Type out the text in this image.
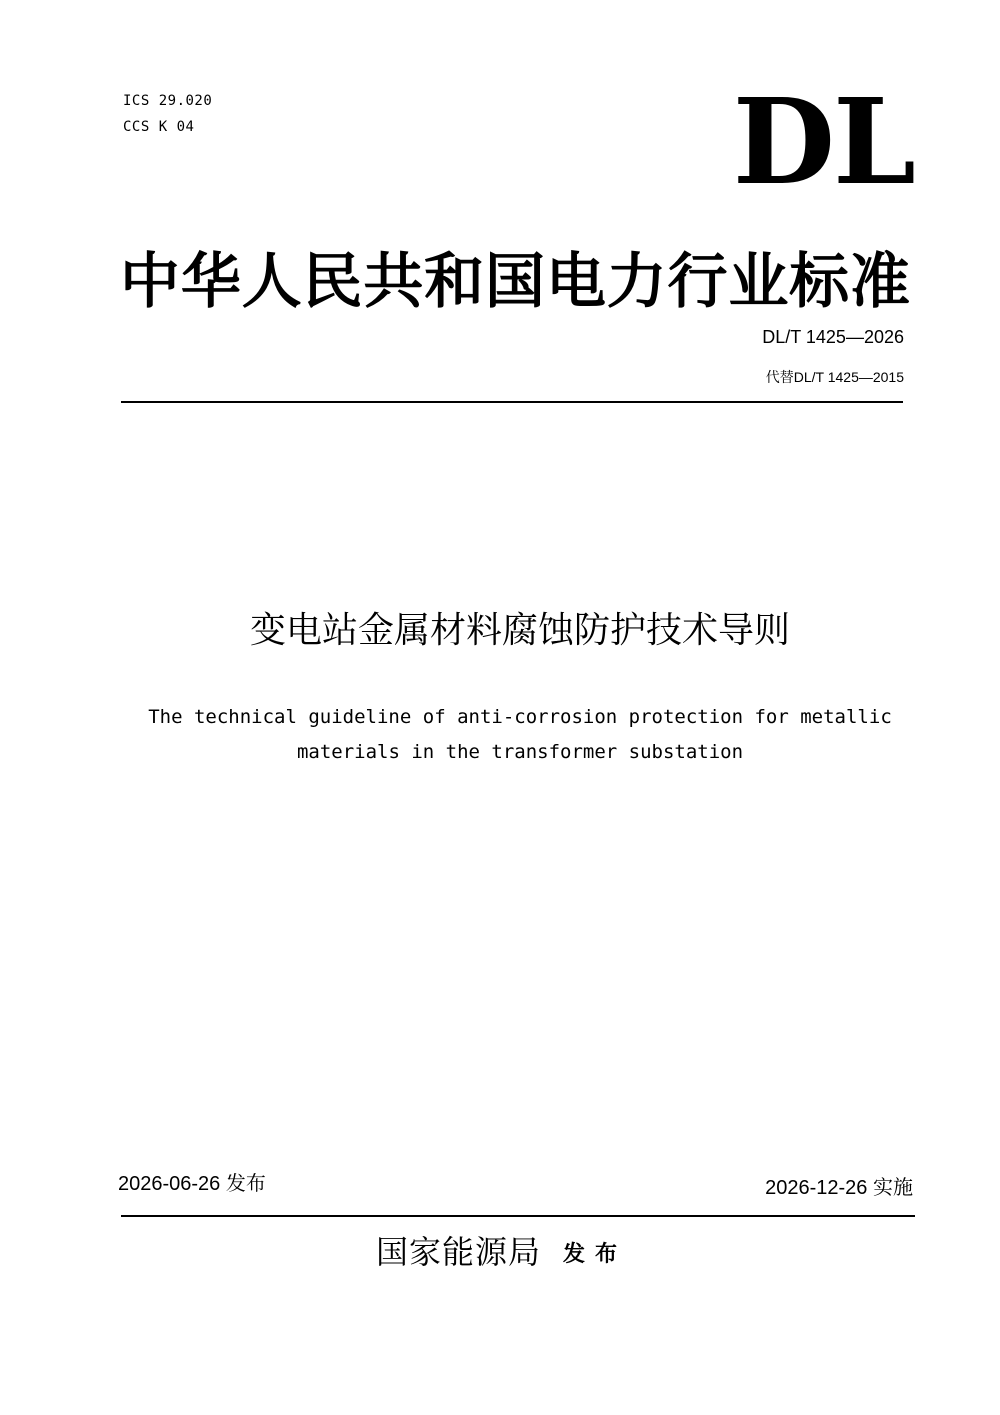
ICS 29.020
CCS K 04	DL
中华人民共和国电力行业标准
DL/T 1425—2026
代替DL/T 1425—2015
变电站金属材料腐蚀防护技术导则
The technical guideline of anti-corrosion protection for metallic
materials in the transformer substation
2026-06-26 发布	2026-12-26 实施
国家能源局 发布
